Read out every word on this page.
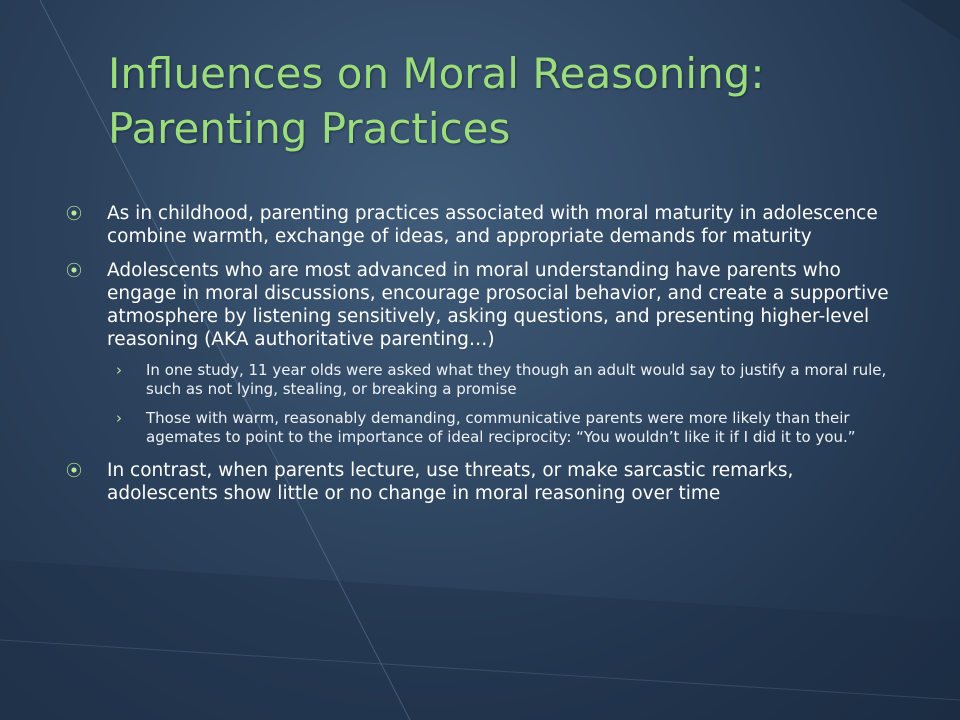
Influences on Moral Reasoning:
Parenting Practices
⦿ As in childhood, parenting practices associated with moral maturity in adolescence combine warmth, exchange of ideas, and appropriate demands for maturity
⦿ Adolescents who are most advanced in moral understanding have parents who engage in moral discussions, encourage prosocial behavior, and create a supportive atmosphere by listening sensitively, asking questions, and presenting higher-level reasoning (AKA authoritative parenting…)
› In one study, 11 year olds were asked what they though an adult would say to justify a moral rule, such as not lying, stealing, or breaking a promise
› Those with warm, reasonably demanding, communicative parents were more likely than their agemates to point to the importance of ideal reciprocity: “You wouldn’t like it if I did it to you.”
⦿ In contrast, when parents lecture, use threats, or make sarcastic remarks, adolescents show little or no change in moral reasoning over time
